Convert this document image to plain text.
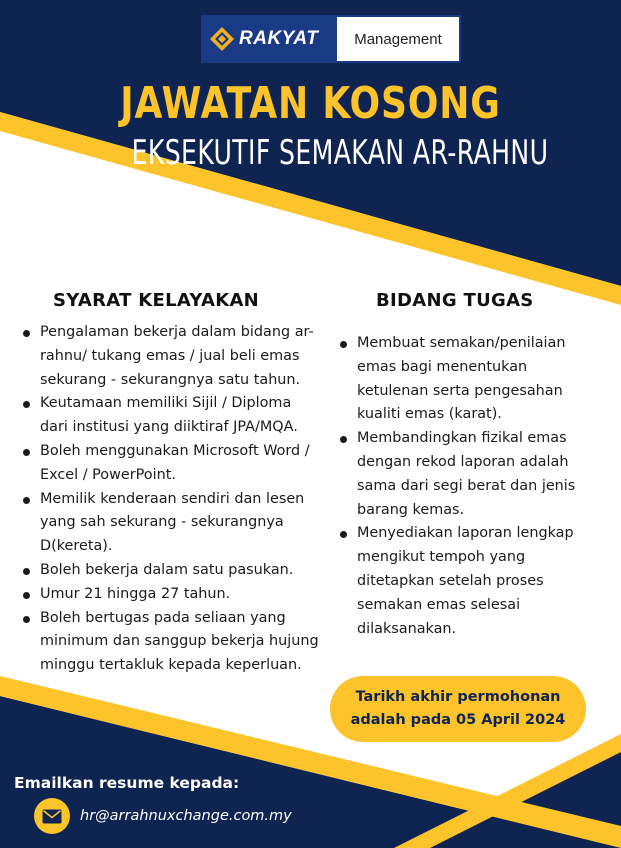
RAKYAT	Management
JAWATAN KOSONG
EKSEKUTIF SEMAKAN AR-RAHNU
SYARAT KELAYAKAN
Pengalaman bekerja dalam bidang ar-rahnu/ tukang emas / jual beli emas sekurang - sekurangnya satu tahun.
Keutamaan memiliki Sijil / Diploma dari institusi yang diiktiraf JPA/MQA.
Boleh menggunakan Microsoft Word / Excel / PowerPoint.
Memilik kenderaan sendiri dan lesen yang sah sekurang - sekurangnya D(kereta).
Boleh bekerja dalam satu pasukan.
Umur 21 hingga 27 tahun.
Boleh bertugas pada seliaan yang minimum dan sanggup bekerja hujung minggu tertakluk kepada keperluan.
BIDANG TUGAS
Membuat semakan/penilaian emas bagi menentukan ketulenan serta pengesahan kualiti emas (karat).
Membandingkan fizikal emas dengan rekod laporan adalah sama dari segi berat dan jenis barang kemas.
Menyediakan laporan lengkap mengikut tempoh yang ditetapkan setelah proses semakan emas selesai dilaksanakan.
Tarikh akhir permohonan
adalah pada 05 April 2024
Emailkan resume kepada:
hr@arrahnuxchange.com.my
